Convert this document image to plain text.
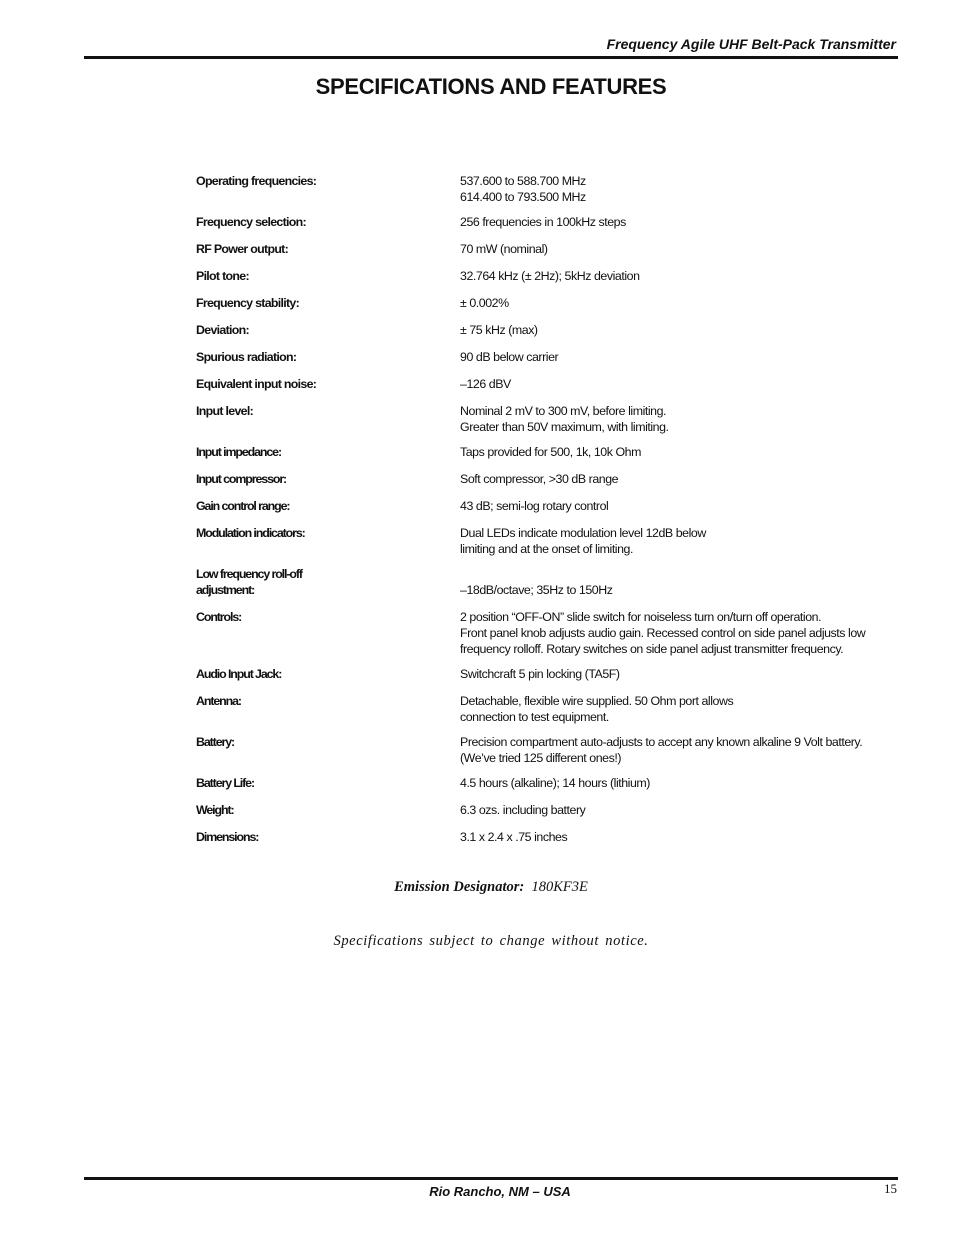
Frequency Agile UHF Belt-Pack Transmitter
SPECIFICATIONS AND FEATURES
Operating frequencies:	537.600 to 588.700 MHz
614.400 to 793.500 MHz
Frequency selection:	256 frequencies in 100kHz steps
RF Power output:	70 mW (nominal)
Pilot tone:	32.764 kHz (± 2Hz); 5kHz deviation
Frequency stability:	± 0.002%
Deviation:	± 75 kHz (max)
Spurious radiation:	90 dB below carrier
Equivalent input noise:	–126 dBV
Input level:	Nominal 2 mV to 300 mV, before limiting.
Greater than 50V maximum, with limiting.
Input impedance:	Taps provided for 500, 1k, 10k Ohm
Input compressor:	Soft compressor, >30 dB range
Gain control range:	43 dB; semi-log rotary control
Modulation indicators:	Dual LEDs indicate modulation level 12dB below
limiting and at the onset of limiting.
Low frequency roll-off
adjustment:	–18dB/octave; 35Hz to 150Hz
Controls:	2 position “OFF-ON” slide switch for noiseless turn on/turn off operation.
Front panel knob adjusts audio gain. Recessed control on side panel adjusts low
frequency rolloff. Rotary switches on side panel adjust transmitter frequency.
Audio Input Jack:	Switchcraft 5 pin locking (TA5F)
Antenna:	Detachable, flexible wire supplied. 50 Ohm port allows
connection to test equipment.
Battery:	Precision compartment auto-adjusts to accept any known alkaline 9 Volt battery.
(We’ve tried 125 different ones!)
Battery Life:	4.5 hours (alkaline); 14 hours (lithium)
Weight:	6.3 ozs. including battery
Dimensions:	3.1 x 2.4 x .75 inches
Emission Designator: 180KF3E
Specifications subject to change without notice.
Rio Rancho, NM – USA	15
